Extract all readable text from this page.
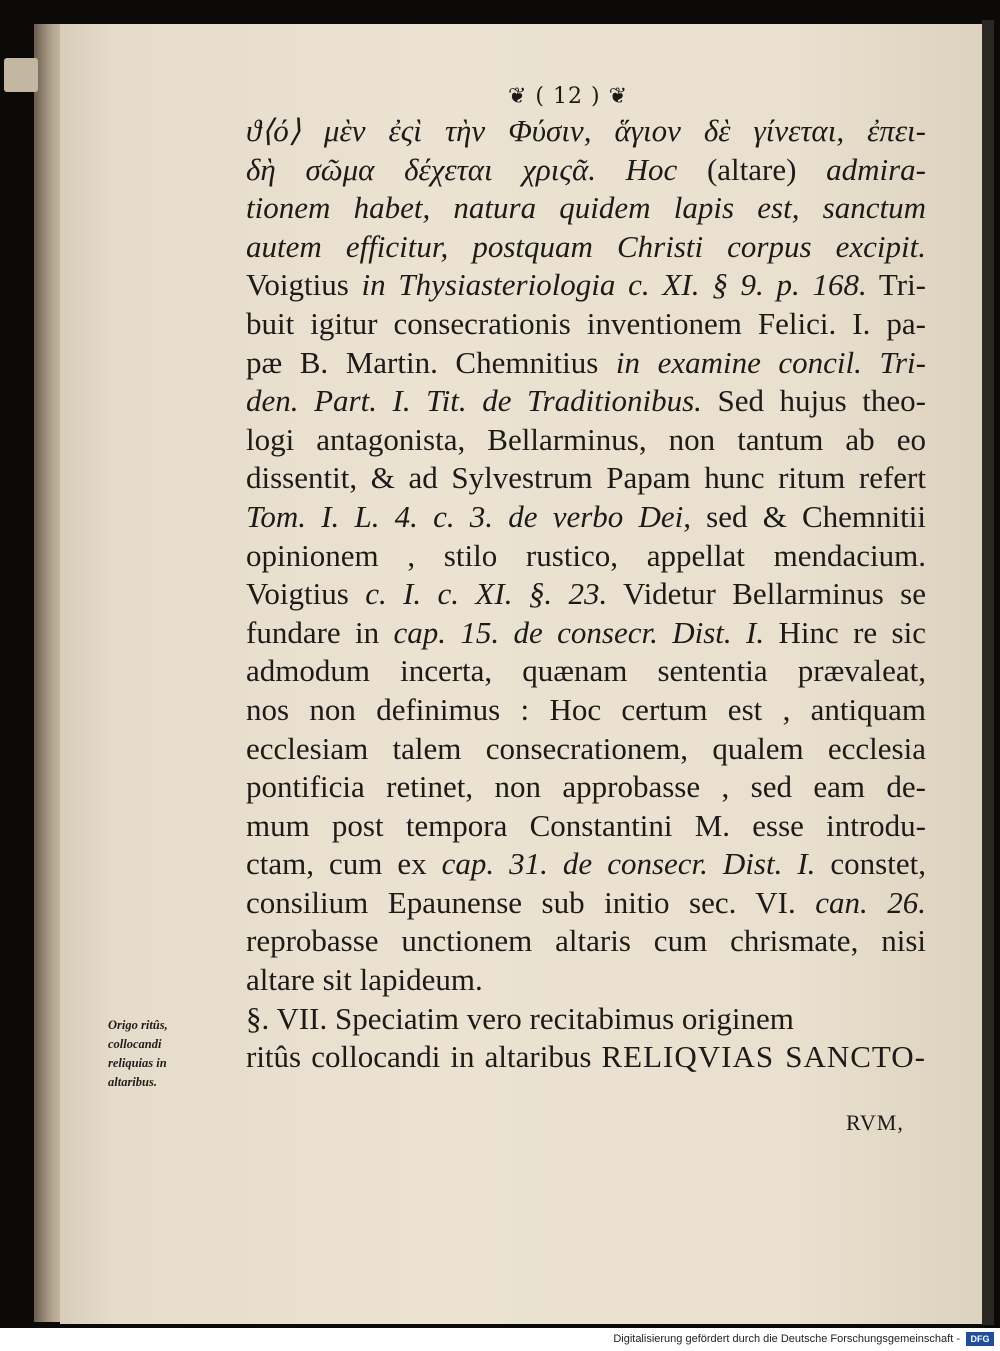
❦ ( 12 ) ❦
ϑ⟨ό⟩ μὲν ἐςὶ τὴν Φύσιν, ἅγιον δὲ γίνεται, ἐπει-
δὴ σῶμα δέχεται χριςᾶ. Hoc (altare) admira-
tionem habet, natura quidem lapis est, sanctum
autem efficitur, postquam Christi corpus excipit.
Voigtius in Thysiasteriologia c. XI. § 9. p. 168. Tri-
buit igitur consecrationis inventionem Felici. I. pa-
pæ B. Martin. Chemnitius in examine concil. Tri-
den. Part. I. Tit. de Traditionibus. Sed hujus theo-
logi antagonista, Bellarminus, non tantum ab eo
dissentit, & ad Sylvestrum Papam hunc ritum refert
Tom. I. L. 4. c. 3. de verbo Dei, sed & Chemnitii
opinionem , stilo rustico, appellat mendacium.
Voigtius c. I. c. XI. §. 23. Videtur Bellarminus se
fundare in cap. 15. de consecr. Dist. I. Hinc re sic
admodum incerta, quænam sententia prævaleat,
nos non definimus : Hoc certum est , antiquam
ecclesiam talem consecrationem, qualem ecclesia
pontificia retinet, non approbasse , sed eam de-
mum post tempora Constantini M. esse introdu-
ctam, cum ex cap. 31. de consecr. Dist. I. constet,
consilium Epaunense sub initio sec. VI. can. 26.
reprobasse unctionem altaris cum chrismate, nisi
altare sit lapideum.
§. VII. Speciatim vero recitabimus originem
ritûs collocandi in altaribus RELIQVIAS SANCTO-
Origo ritûs,
collocandi
reliquias in
altaribus.
RVM,
Digitalisierung gefördert durch die Deutsche Forschungsgemeinschaft -	DFG
